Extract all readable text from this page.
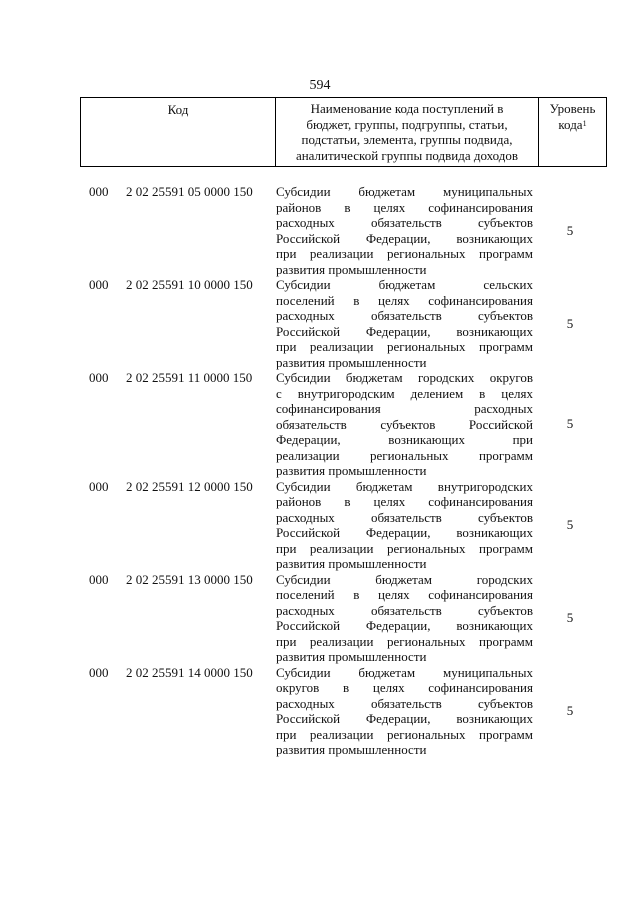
594
Код	Наименование кода поступлений в
бюджет, группы, подгруппы, статьи,
подстатьи, элемента, группы подвида,
аналитической группы подвида доходов
Уровень
кода$^1$
000	2 02 25591 05 0000 150	Субсидии бюджетам муниципальных
районов в целях софинансирования
расходных обязательств субъектов
Российской Федерации, возникающих
при реализации региональных программ
развития промышленности
5
000	2 02 25591 10 0000 150	Субсидии бюджетам сельских
поселений в целях софинансирования
расходных обязательств субъектов
Российской Федерации, возникающих
при реализации региональных программ
развития промышленности
5
000	2 02 25591 11 0000 150	Субсидии бюджетам городских округов
с внутригородским делением в целях
софинансирования расходных
обязательств субъектов Российской
Федерации, возникающих при
реализации региональных программ
развития промышленности
5
000	2 02 25591 12 0000 150	Субсидии бюджетам внутригородских
районов в целях софинансирования
расходных обязательств субъектов
Российской Федерации, возникающих
при реализации региональных программ
развития промышленности
5
000	2 02 25591 13 0000 150	Субсидии бюджетам городских
поселений в целях софинансирования
расходных обязательств субъектов
Российской Федерации, возникающих
при реализации региональных программ
развития промышленности
5
000	2 02 25591 14 0000 150	Субсидии бюджетам муниципальных
округов в целях софинансирования
расходных обязательств субъектов
Российской Федерации, возникающих
при реализации региональных программ
развития промышленности
5
